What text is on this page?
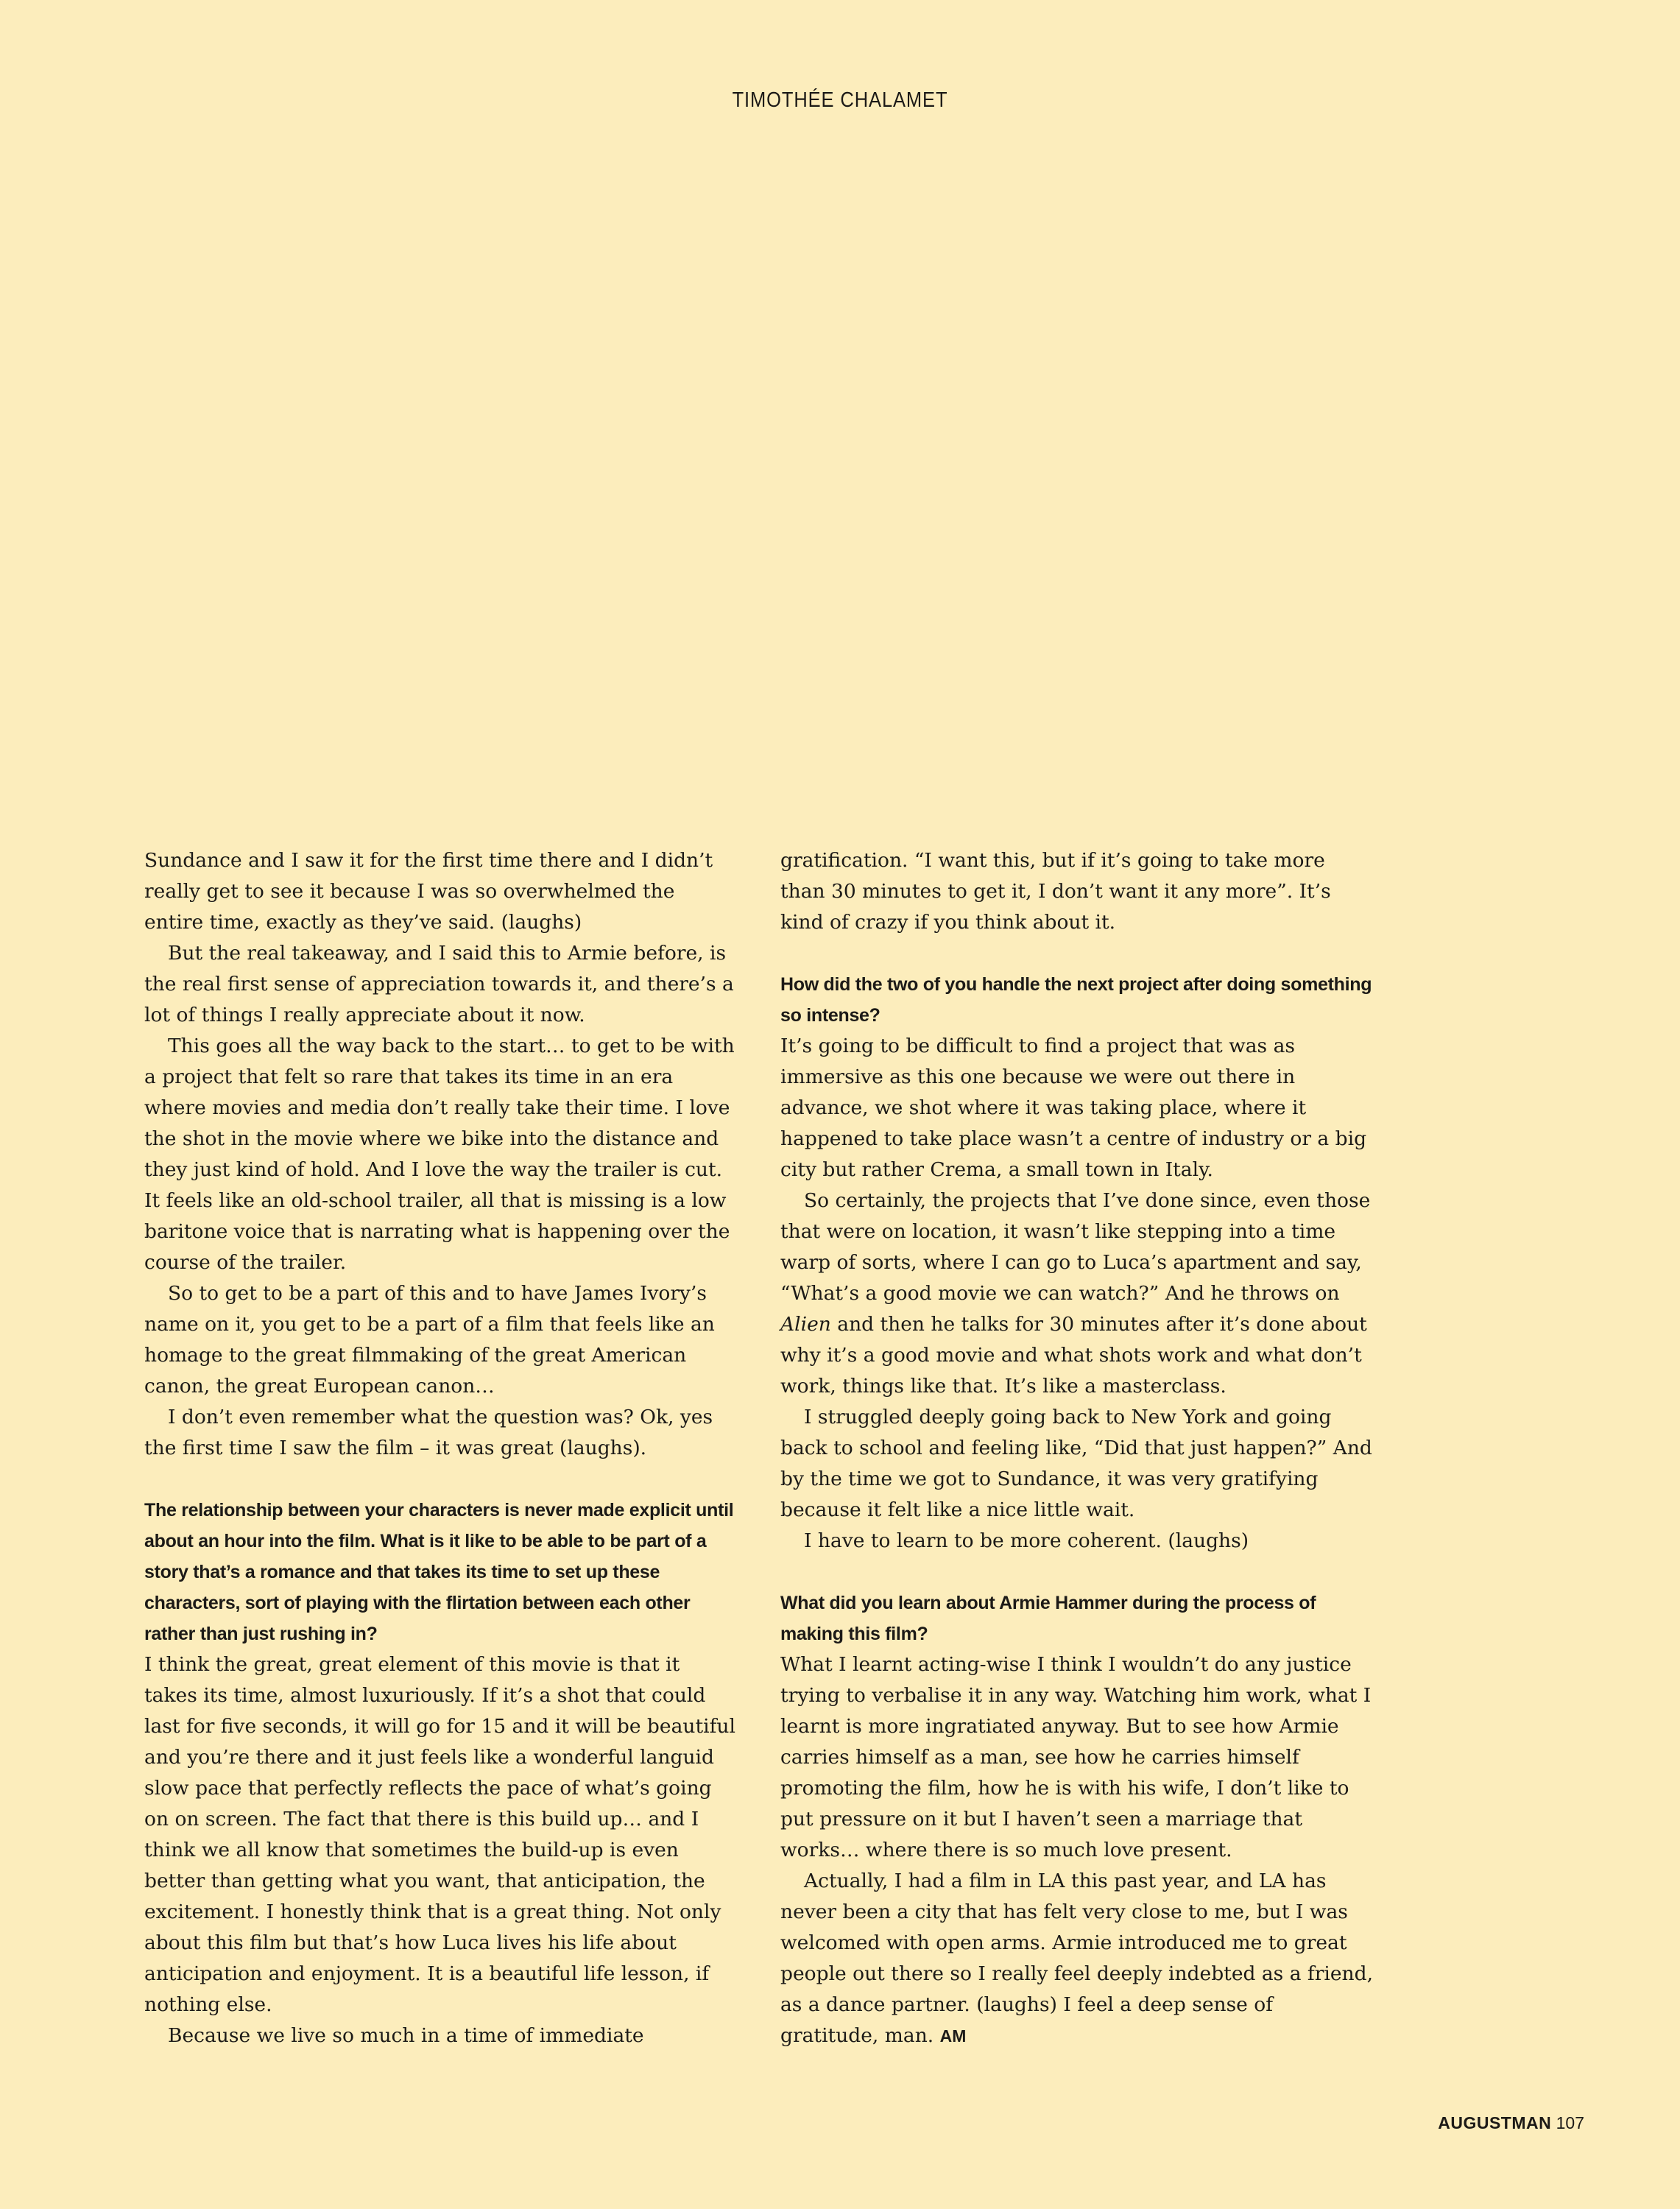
TIMOTHÉE CHALAMET

Sundance and I saw it for the first time there and I didn’t really get to see it because I was so overwhelmed the entire time, exactly as they’ve said. (laughs)

But the real takeaway, and I said this to Armie before, is the real first sense of appreciation towards it, and there’s a lot of things I really appreciate about it now.

This goes all the way back to the start… to get to be with a project that felt so rare that takes its time in an era where movies and media don’t really take their time. I love the shot in the movie where we bike into the distance and they just kind of hold. And I love the way the trailer is cut. It feels like an old-school trailer, all that is missing is a low baritone voice that is narrating what is happening over the course of the trailer.

So to get to be a part of this and to have James Ivory’s name on it, you get to be a part of a film that feels like an homage to the great filmmaking of the great American canon, the great European canon…

I don’t even remember what the question was? Ok, yes the first time I saw the film – it was great (laughs).

The relationship between your characters is never made explicit until about an hour into the film. What is it like to be able to be part of a story that’s a romance and that takes its time to set up these characters, sort of playing with the flirtation between each other rather than just rushing in?

I think the great, great element of this movie is that it takes its time, almost luxuriously. If it’s a shot that could last for five seconds, it will go for 15 and it will be beautiful and you’re there and it just feels like a wonderful languid slow pace that perfectly reflects the pace of what’s going on on screen. The fact that there is this build up… and I think we all know that sometimes the build-up is even better than getting what you want, that anticipation, the excitement. I honestly think that is a great thing. Not only about this film but that’s how Luca lives his life about anticipation and enjoyment. It is a beautiful life lesson, if nothing else.

Because we live so much in a time of immediate

gratification. “I want this, but if it’s going to take more than 30 minutes to get it, I don’t want it any more”. It’s kind of crazy if you think about it.

How did the two of you handle the next project after doing something so intense?

It’s going to be difficult to find a project that was as immersive as this one because we were out there in advance, we shot where it was taking place, where it happened to take place wasn’t a centre of industry or a big city but rather Crema, a small town in Italy.

So certainly, the projects that I’ve done since, even those that were on location, it wasn’t like stepping into a time warp of sorts, where I can go to Luca’s apartment and say, “What’s a good movie we can watch?” And he throws on Alien and then he talks for 30 minutes after it’s done about why it’s a good movie and what shots work and what don’t work, things like that. It’s like a masterclass.

I struggled deeply going back to New York and going back to school and feeling like, “Did that just happen?” And by the time we got to Sundance, it was very gratifying because it felt like a nice little wait.

I have to learn to be more coherent. (laughs)

What did you learn about Armie Hammer during the process of making this film?

What I learnt acting-wise I think I wouldn’t do any justice trying to verbalise it in any way. Watching him work, what I learnt is more ingratiated anyway. But to see how Armie carries himself as a man, see how he carries himself promoting the film, how he is with his wife, I don’t like to put pressure on it but I haven’t seen a marriage that works… where there is so much love present.

Actually, I had a film in LA this past year, and LA has never been a city that has felt very close to me, but I was welcomed with open arms. Armie introduced me to great people out there so I really feel deeply indebted as a friend, as a dance partner. (laughs) I feel a deep sense of gratitude, man. AM

AUGUSTMAN 107
